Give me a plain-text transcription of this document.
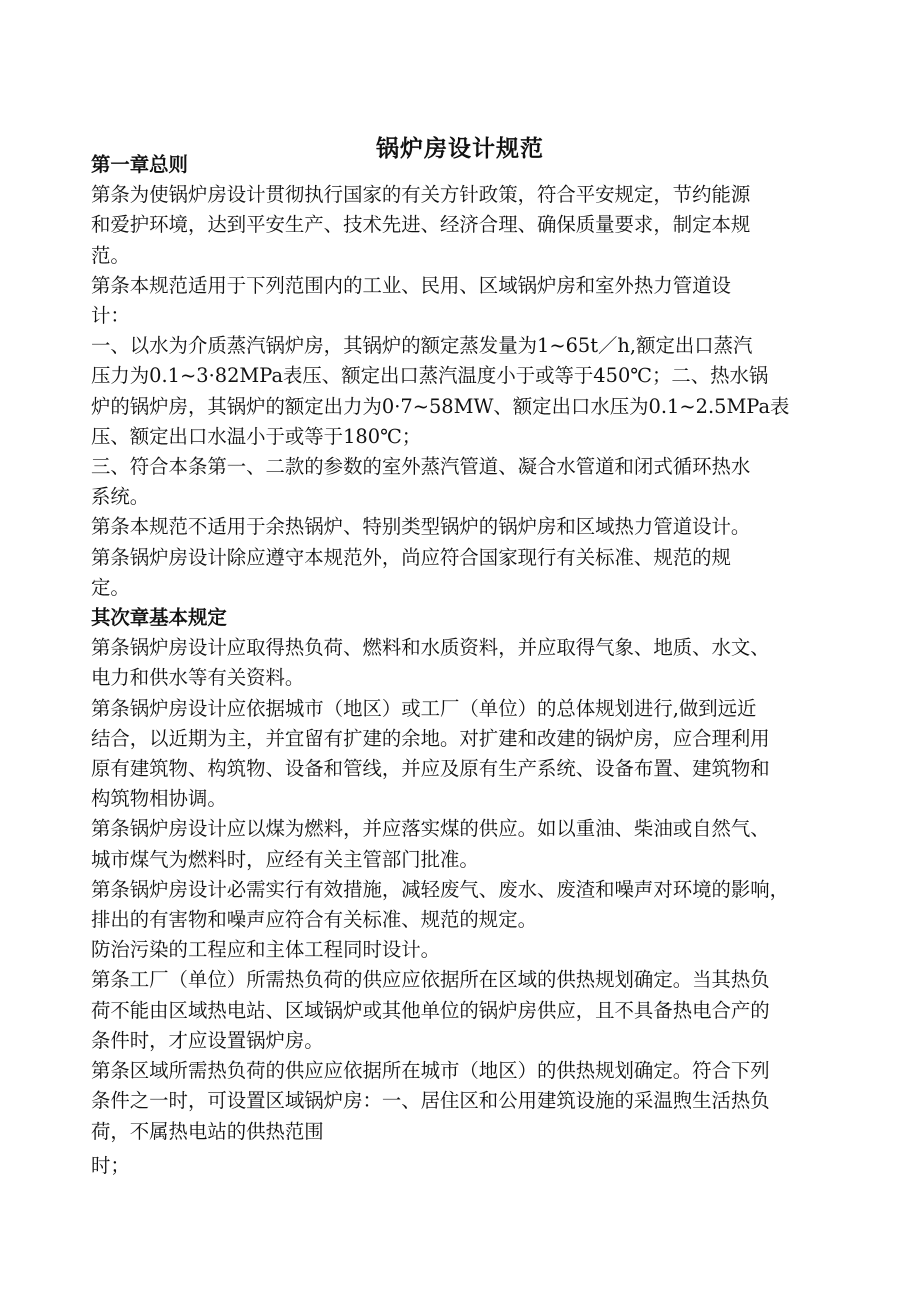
锅炉房设计规范
第一章总则

第条为使锅炉房设计贯彻执行国家的有关方针政策，符合平安规定，节约能源
和爱护环境，达到平安生产、技术先进、经济合理、确保质量要求，制定本规
范。

第条本规范适用于下列范围内的工业、民用、区域锅炉房和室外热力管道设
计：

一、以水为介质蒸汽锅炉房，其锅炉的额定蒸发量为1~65t／h,额定出口蒸汽
压力为0.1~3·82MPa表压、额定出口蒸汽温度小于或等于450℃；二、热水锅
炉的锅炉房，其锅炉的额定出力为0·7~58MW、额定出口水压为0.1~2.5MPa表
压、额定出口水温小于或等于180℃；

三、符合本条第一、二款的参数的室外蒸汽管道、凝合水管道和闭式循环热水
系统。

第条本规范不适用于余热锅炉、特别类型锅炉的锅炉房和区域热力管道设计。

第条锅炉房设计除应遵守本规范外，尚应符合国家现行有关标准、规范的规
定。

其次章基本规定

第条锅炉房设计应取得热负荷、燃料和水质资料，并应取得气象、地质、水文、
电力和供水等有关资料。

第条锅炉房设计应依据城市（地区）或工厂（单位）的总体规划进行,做到远近
结合，以近期为主，并宜留有扩建的余地。对扩建和改建的锅炉房，应合理利用
原有建筑物、构筑物、设备和管线，并应及原有生产系统、设备布置、建筑物和
构筑物相协调。

第条锅炉房设计应以煤为燃料，并应落实煤的供应。如以重油、柴油或自然气、
城市煤气为燃料时，应经有关主管部门批准。

第条锅炉房设计必需实行有效措施，减轻废气、废水、废渣和噪声对环境的影响，
排出的有害物和噪声应符合有关标准、规范的规定。

防治污染的工程应和主体工程同时设计。

第条工厂（单位）所需热负荷的供应应依据所在区域的供热规划确定。当其热负
荷不能由区域热电站、区域锅炉或其他单位的锅炉房供应，且不具备热电合产的
条件时，才应设置锅炉房。

第条区域所需热负荷的供应应依据所在城市（地区）的供热规划确定。符合下列
条件之一时，可设置区域锅炉房：一、居住区和公用建筑设施的采温煦生活热负
荷，不属热电站的供热范围
时；
